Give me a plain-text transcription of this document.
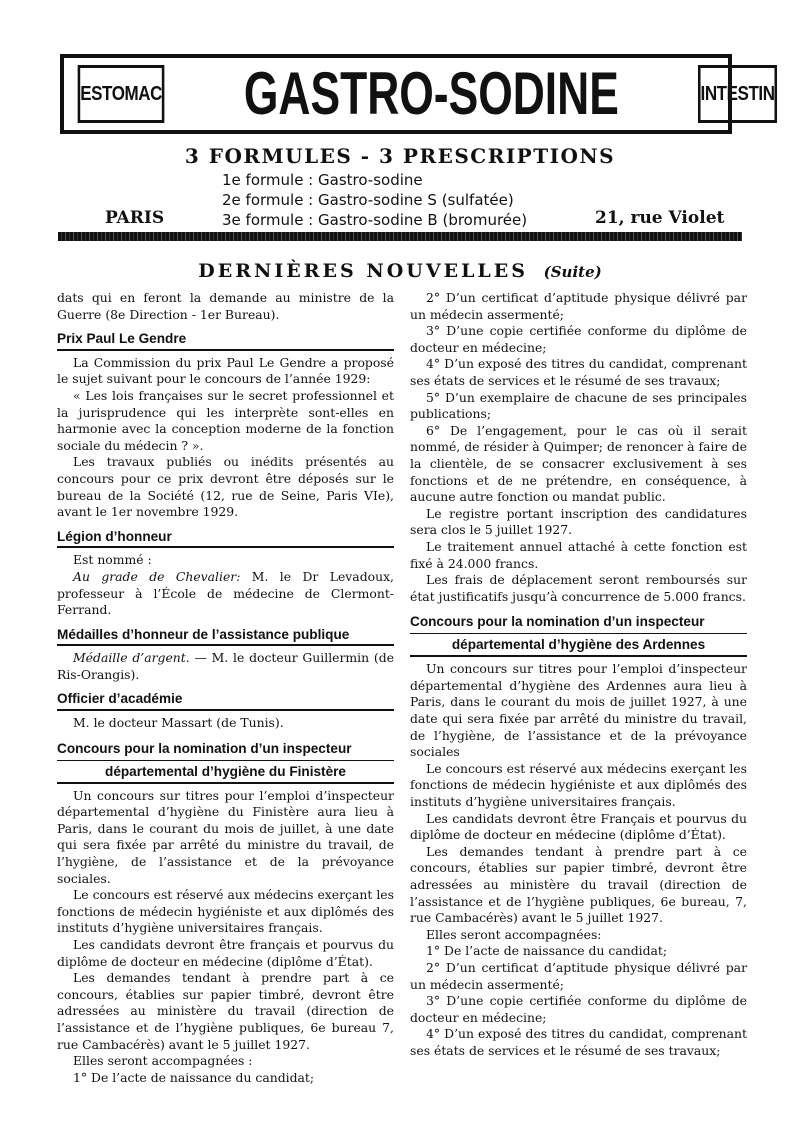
ESTOMAC GASTRO-SODINE	INTESTIN
3 FORMULES - 3 PRESCRIPTIONS
1e formule : Gastro-sodine
2e formule : Gastro-sodine S (sulfatée)
3e formule : Gastro-sodine B (bromurée)
PARIS	21, rue Violet
DERNIÈRES NOUVELLES (Suite)

dats qui en feront la demande au ministre de la Guerre (8e Direction - 1er Bureau).

Prix Paul Le Gendre

La Commission du prix Paul Le Gendre a proposé le sujet suivant pour le concours de l’année 1929:

« Les lois françaises sur le secret professionnel et la jurisprudence qui les interprète sont-elles en harmonie avec la conception moderne de la fonction sociale du médecin ? ».

Les travaux publiés ou inédits présentés au concours pour ce prix devront être déposés sur le bureau de la Société (12, rue de Seine, Paris VIe), avant le 1er novembre 1929.

Légion d’honneur

Est nommé :

Au grade de Chevalier: M. le Dr Levadoux, professeur à l’École de médecine de Clermont-Ferrand.

Médailles d’honneur de l’assistance publique

Médaille d’argent. — M. le docteur Guillermin (de Ris-Orangis).

Officier d’académie

M. le docteur Massart (de Tunis).

Concours pour la nomination d’un inspecteur
départemental d’hygiène du Finistère

Un concours sur titres pour l’emploi d’inspecteur départemental d’hygiène du Finistère aura lieu à Paris, dans le courant du mois de juillet, à une date qui sera fixée par arrêté du ministre du travail, de l’hygiène, de l’assistance et de la prévoyance sociales.

Le concours est réservé aux médecins exerçant les fonctions de médecin hygiéniste et aux diplômés des instituts d’hygiène universitaires français.

Les candidats devront être français et pourvus du diplôme de docteur en médecine (diplôme d’État).

Les demandes tendant à prendre part à ce concours, établies sur papier timbré, devront être adressées au ministère du travail (direction de l’assistance et de l’hygiène publiques, 6e bureau 7, rue Cambacérès) avant le 5 juillet 1927.

Elles seront accompagnées :

1° De l’acte de naissance du candidat;

2° D’un certificat d’aptitude physique délivré par un médecin assermenté;

3° D’une copie certifiée conforme du diplôme de docteur en médecine;

4° D’un exposé des titres du candidat, comprenant ses états de services et le résumé de ses travaux;

5° D’un exemplaire de chacune de ses principales publications;

6° De l’engagement, pour le cas où il serait nommé, de résider à Quimper; de renoncer à faire de la clientèle, de se consacrer exclusivement à ses fonctions et de ne prétendre, en conséquence, à aucune autre fonction ou mandat public.

Le registre portant inscription des candidatures sera clos le 5 juillet 1927.

Le traitement annuel attaché à cette fonction est fixé à 24.000 francs.

Les frais de déplacement seront remboursés sur état justificatifs jusqu’à concurrence de 5.000 francs.

Concours pour la nomination d’un inspecteur
départemental d’hygiène des Ardennes

Un concours sur titres pour l’emploi d’inspecteur départemental d’hygiène des Ardennes aura lieu à Paris, dans le courant du mois de juillet 1927, à une date qui sera fixée par arrêté du ministre du travail, de l’hygiène, de l’assistance et de la prévoyance sociales

Le concours est réservé aux médecins exerçant les fonctions de médecin hygiéniste et aux diplômés des instituts d’hygiène universitaires français.

Les candidats devront être Français et pourvus du diplôme de docteur en médecine (diplôme d’État).

Les demandes tendant à prendre part à ce concours, établies sur papier timbré, devront être adressées au ministère du travail (direction de l’assistance et de l’hygiène publiques, 6e bureau, 7, rue Cambacérès) avant le 5 juillet 1927.

Elles seront accompagnées:

1° De l’acte de naissance du candidat;

2° D’un certificat d’aptitude physique délivré par un médecin assermenté;

3° D’une copie certifiée conforme du diplôme de docteur en médecine;

4° D’un exposé des titres du candidat, comprenant ses états de services et le résumé de ses travaux;
